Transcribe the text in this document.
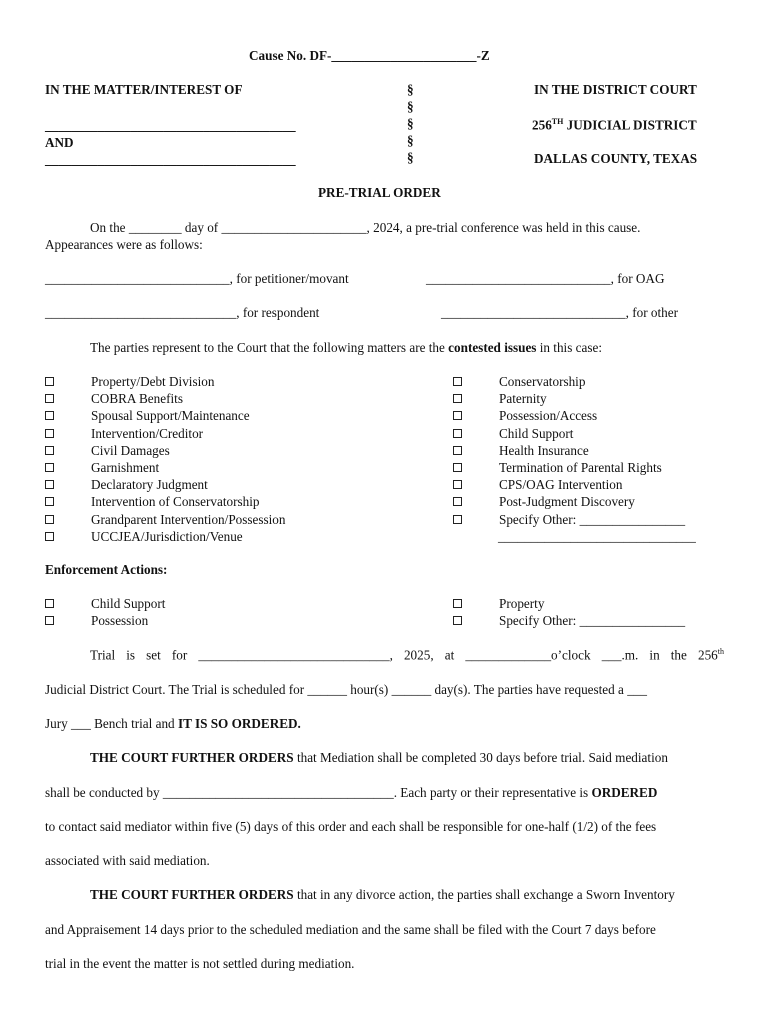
Cause No. DF-______________________-Z
IN THE MATTER/INTEREST OF
______________________________________
AND
______________________________________
§
§
§
§
§
IN THE DISTRICT COURT
256TH JUDICIAL DISTRICT
DALLAS COUNTY, TEXAS
PRE-TRIAL ORDER
On the ________ day of ______________________, 2024, a pre-trial conference was held in this cause.
Appearances were as follows:
____________________________, for petitioner/movant	____________________________, for OAG
_____________________________, for respondent	____________________________, for other
The parties represent to the Court that the following matters are the contested issues in this case:
Property/Debt Division
COBRA Benefits
Spousal Support/Maintenance
Intervention/Creditor
Civil Damages
Garnishment
Declaratory Judgment
Intervention of Conservatorship
Grandparent Intervention/Possession
UCCJEA/Jurisdiction/Venue
Conservatorship
Paternity
Possession/Access
Child Support
Health Insurance
Termination of Parental Rights
CPS/OAG Intervention
Post-Judgment Discovery
Specify Other: ________________
______________________________
Enforcement Actions:
Child Support
Possession
Property
Specify Other: ________________
Trial is set for _____________________________, 2025, at _____________o’clock ___.m. in the 256th
Judicial District Court. The Trial is scheduled for ______ hour(s) ______ day(s). The parties have requested a ___
Jury ___ Bench trial and IT IS SO ORDERED.
THE COURT FURTHER ORDERS that Mediation shall be completed 30 days before trial. Said mediation
shall be conducted by ___________________________________. Each party or their representative is ORDERED
to contact said mediator within five (5) days of this order and each shall be responsible for one-half (1/2) of the fees
associated with said mediation.
THE COURT FURTHER ORDERS that in any divorce action, the parties shall exchange a Sworn Inventory
and Appraisement 14 days prior to the scheduled mediation and the same shall be filed with the Court 7 days before
trial in the event the matter is not settled during mediation.
